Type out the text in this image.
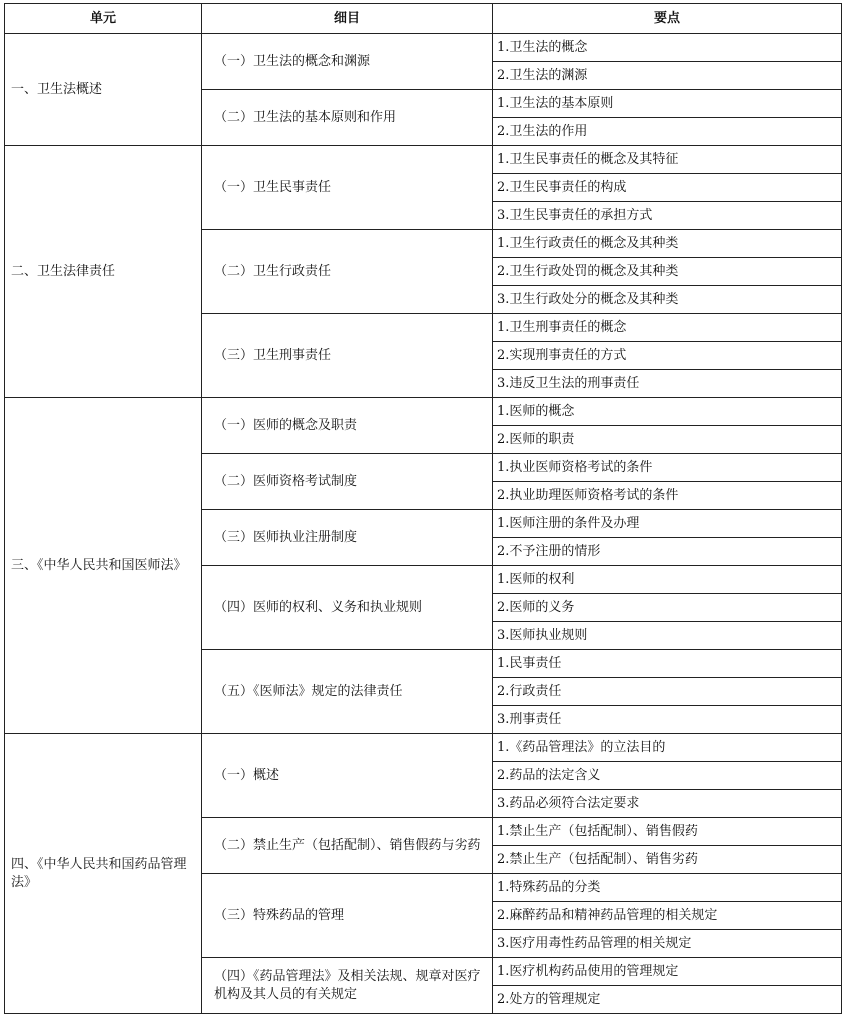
单元	细目	要点
一、卫生法概述	（一）卫生法的概念和渊源	1.卫生法的概念
		2.卫生法的渊源
	（二）卫生法的基本原则和作用	1.卫生法的基本原则
		2.卫生法的作用
二、卫生法律责任	（一）卫生民事责任	1.卫生民事责任的概念及其特征
		2.卫生民事责任的构成
		3.卫生民事责任的承担方式
	（二）卫生行政责任	1.卫生行政责任的概念及其种类
		2.卫生行政处罚的概念及其种类
		3.卫生行政处分的概念及其种类
	（三）卫生刑事责任	1.卫生刑事责任的概念
		2.实现刑事责任的方式
		3.违反卫生法的刑事责任
三、《中华人民共和国医师法》	（一）医师的概念及职责	1.医师的概念
		2.医师的职责
	（二）医师资格考试制度	1.执业医师资格考试的条件
		2.执业助理医师资格考试的条件
	（三）医师执业注册制度	1.医师注册的条件及办理
		2.不予注册的情形
	（四）医师的权利、义务和执业规则	1.医师的权利
		2.医师的义务
		3.医师执业规则
	（五）《医师法》规定的法律责任	1.民事责任
		2.行政责任
		3.刑事责任
四、《中华人民共和国药品管理法》	（一）概述	1.《药品管理法》的立法目的
		2.药品的法定含义
		3.药品必须符合法定要求
	（二）禁止生产（包括配制）、销售假药与劣药	1.禁止生产（包括配制）、销售假药
		2.禁止生产（包括配制）、销售劣药
	（三）特殊药品的管理	1.特殊药品的分类
		2.麻醉药品和精神药品管理的相关规定
		3.医疗用毒性药品管理的相关规定
	（四）《药品管理法》及相关法规、规章对医疗机构及其人员的有关规定	1.医疗机构药品使用的管理规定
		2.处方的管理规定
